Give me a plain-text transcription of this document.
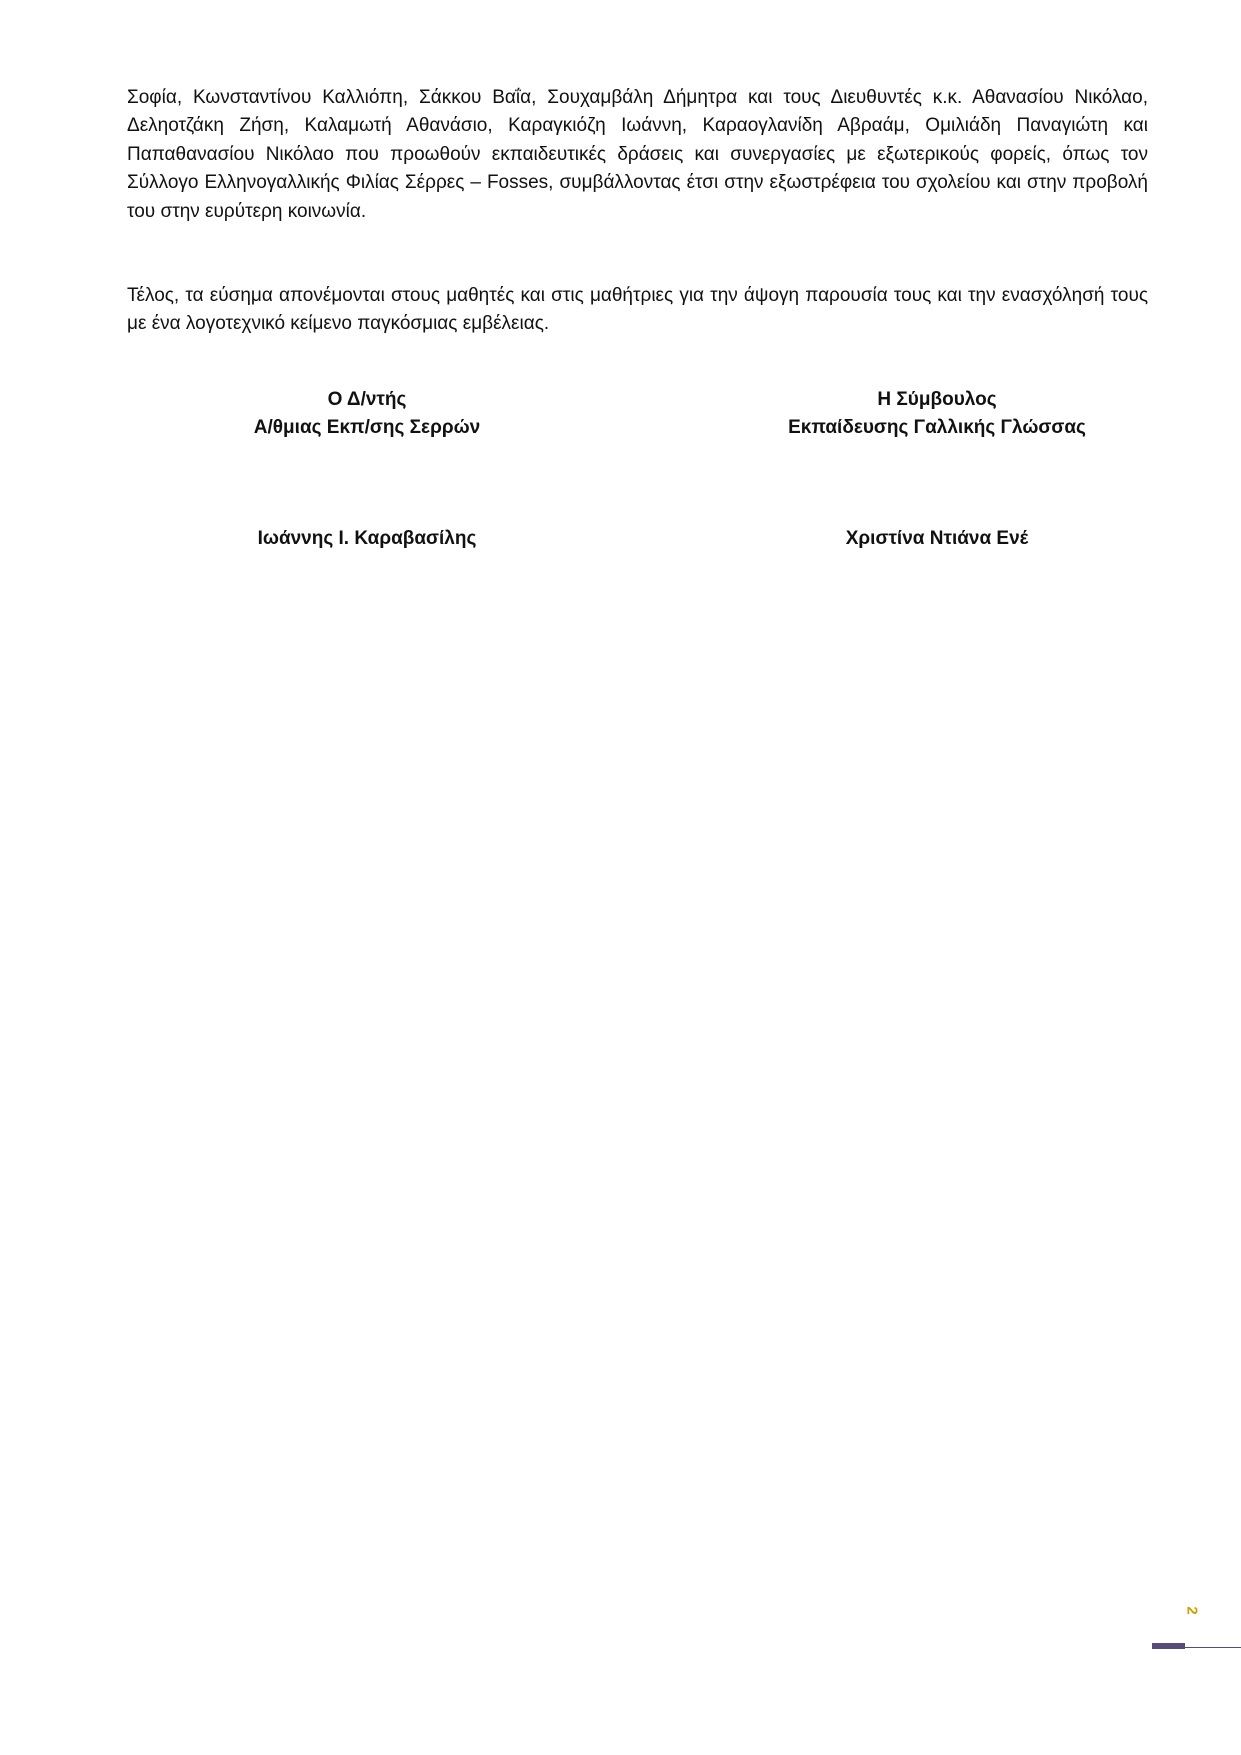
Σοφία, Κωνσταντίνου Καλλιόπη, Σάκκου Βαΐα, Σουχαμβάλη Δήμητρα και τους Διευθυντές κ.κ. Αθανασίου Νικόλαο, Δεληοτζάκη Ζήση, Καλαμωτή Αθανάσιο, Καραγκιόζη Ιωάννη, Καραογλανίδη Αβραάμ, Ομιλιάδη Παναγιώτη και Παπαθανασίου Νικόλαο που προωθούν εκπαιδευτικές δράσεις και συνεργασίες με εξωτερικούς φορείς, όπως τον Σύλλογο Ελληνογαλλικής Φιλίας Σέρρες – Fosses, συμβάλλοντας έτσι στην εξωστρέφεια του σχολείου και στην προβολή του στην ευρύτερη κοινωνία.

Τέλος, τα εύσημα απονέμονται στους μαθητές και στις μαθήτριες για την άψογη παρουσία τους και την ενασχόλησή τους με ένα λογοτεχνικό κείμενο παγκόσμιας εμβέλειας.

Ο Δ/ντής
Α/θμιας Εκπ/σης Σερρών
Ιωάννης Ι. Καραβασίλης
Η Σύμβουλος
Εκπαίδευσης Γαλλικής Γλώσσας
Χριστίνα Ντιάνα Ενέ
2
